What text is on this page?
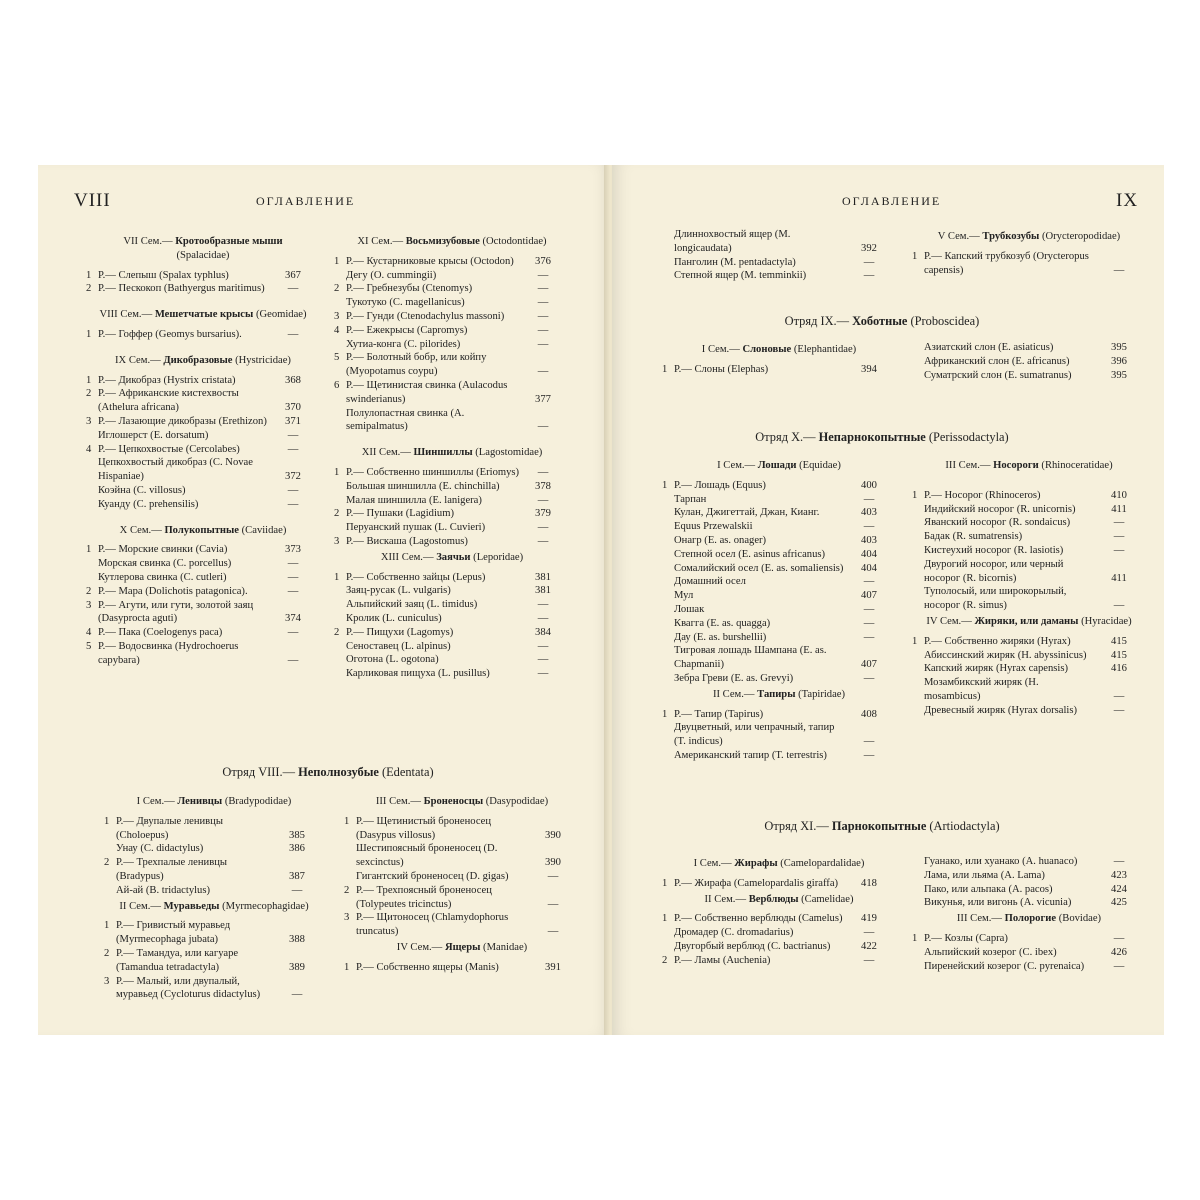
VIII	ОГЛАВЛЕНИЕ
VII Сем.— Кротообразные мыши (Spalacidae)
1 Р.— Слепыш (Spalax typhlus)	367
2 Р.— Пескокоп (Bathyergus maritimus)	—
VIII Сем.— Мешетчатые крысы (Geomidae)
1 Р.— Гоффер (Geomys bursarius).	—
IX Сем.— Дикобразовые (Hystricidae)
1 Р.— Дикобраз (Hystrix cristata)	368
2 Р.— Африканские кистехвосты (Athelura africana)	370
3 Р.— Лазающие дикобразы (Erethizon)	371
Иглошерст (E. dorsatum)	—
4 Р.— Цепкохвостые (Cercolabes)	—
Цепкохвостый дикобраз (C. Novae Hispaniae)	372
Коэйна (C. villosus)	—
Куанду (C. prehensilis)	—
X Сем.— Полукопытные (Caviidae)
1 Р.— Морские свинки (Cavia)	373
Морская свинка (C. porcellus)	—
Кутлерова свинка (C. cutleri)	—
2 Р.— Мара (Dolichotis patagonica).	—
3 Р.— Агути, или гути, золотой заяц (Dasyprocta aguti)	374
4 Р.— Пака (Coelogenys paca)	—
5 Р.— Водосвинка (Hydrochoerus capybara)	—
XI Сем.— Восьмизубовые (Octodontidae)
1 Р.— Кустарниковые крысы (Octodon)	376
Дегу (O. cummingii)	—
2 Р.— Гребнезубы (Ctenomys)	—
Тукотуко (C. magellanicus)	—
3 Р.— Гунди (Ctenodachylus massoni)	—
4 Р.— Ежекрысы (Capromys)	—
Хутиа-конга (C. pilorides)	—
5 Р.— Болотный бобр, или койпу (Myopotamus coypu)	—
6 Р.— Щетинистая свинка (Aulacodus swinderianus)	377
Полулопастная свинка (A. semipalmatus)	—
XII Сем.— Шиншиллы (Lagostomidae)
1 Р.— Собственно шиншиллы (Eriomys)	—
Большая шиншилла (E. chinchilla)	378
Малая шиншилла (E. lanigera)	—
2 Р.— Пушаки (Lagidium)	379
Перуанский пушак (L. Cuvieri)	—
3 Р.— Вискаша (Lagostomus)	—
XIII Сем.— Заячьи (Leporidae)
1 Р.— Собственно зайцы (Lepus)	381
Заяц-русак (L. vulgaris)	381
Альпийский заяц (L. timidus)	—
Кролик (L. cuniculus)	—
2 Р.— Пищухи (Lagomys)	384
Сеноставец (L. alpinus)	—
Оготона (L. ogotona)	—
Карликовая пищуха (L. pusillus)	—
Отряд VIII.— Неполнозубые (Edentata)
I Сем.— Ленивцы (Bradypodidae)
1 Р.— Двупалые ленивцы (Choloepus)	385
Унау (C. didactylus)	386
2 Р.— Трехпалые ленивцы (Bradypus)	387
Ай-ай (B. tridactylus)	—
II Сем.— Муравьеды (Myrmecophagidae)
1 Р.— Гривистый муравьед (Myrmecophaga jubata)	388
2 Р.— Тамандуа, или кагуаре (Tamandua tetradactyla)	389
3 Р.— Малый, или двупалый, муравьед (Cycloturus didactylus)	—
III Сем.— Броненосцы (Dasypodidae)
1 Р.— Щетинистый броненосец (Dasypus villosus)	390
Шестипоясный броненосец (D. sexcinctus)	390
Гигантский броненосец (D. gigas)	—
2 Р.— Трехпоясный броненосец (Tolypeutes tricinctus)	—
3 Р.— Щитоносец (Chlamydophorus truncatus)	—
IV Сем.— Ящеры (Manidae)
1 Р.— Собственно ящеры (Manis)	391
ОГЛАВЛЕНИЕ	IX
Длиннохвостый ящер (M. longicaudata)	392
Панголин (M. pentadactyla)	—
Степной ящер (M. temminkii)	—
V Сем.— Трубкозубы (Orycteropodidae)
1 Р.— Капский трубкозуб (Orycteropus capensis)	—
Отряд IX.— Хоботные (Proboscidea)
I Сем.— Слоновые (Elephantidae)
1 Р.— Слоны (Elephas)	394
Азиатский слон (E. asiaticus)	395
Африканский слон (E. africanus)	396
Суматрский слон (E. sumatranus)	395
Отряд X.— Непарнокопытные (Perissodactyla)
I Сем.— Лошади (Equidae)
1 Р.— Лошадь (Equus)	400
Тарпан	—
Кулан, Джигеттай, Джан, Кианг.	403
Equus Przewalskii	—
Онагр (E. as. onager)	403
Степной осел (E. asinus africanus)	404
Сомалийский осел (E. as. somaliensis)	404
Домашний осел	—
Мул	407
Лошак	—
Квагга (E. as. quagga)	—
Дау (E. as. burshellii)	—
Тигровая лошадь Шампана (E. as. Chapmanii)	407
Зебра Греви (E. as. Grevyi)	—
II Сем.— Тапиры (Tapiridae)
1 Р.— Тапир (Tapirus)	408
Двуцветный, или чепрачный, тапир (T. indicus)	—
Американский тапир (T. terrestris)	—
III Сем.— Носороги (Rhinoceratidae)
1 Р.— Носорог (Rhinoceros)	410
Индийский носорог (R. unicornis)	411
Яванский носорог (R. sondaicus)	—
Бадак (R. sumatrensis)	—
Кистеухий носорог (R. lasiotis)	—
Двурогий носорог, или черный носорог (R. bicornis)	411
Туполосый, или широкорылый, носорог (R. simus)	—
IV Сем.— Жиряки, или даманы (Hyracidae)
1 Р.— Собственно жиряки (Hyrax)	415
Абиссинский жиряк (H. abyssinicus)	415
Капский жиряк (Hyrax capensis)	416
Мозамбикский жиряк (H. mosambicus)	—
Древесный жиряк (Hyrax dorsalis)	—
Отряд XI.— Парнокопытные (Artiodactyla)
I Сем.— Жирафы (Camelopardalidae)
1 Р.— Жирафа (Camelopardalis giraffa)	418
II Сем.— Верблюды (Camelidae)
1 Р.— Собственно верблюды (Camelus)	419
Дромадер (C. dromadarius)	—
Двугорбый верблюд (C. bactrianus)	422
2 Р.— Ламы (Auchenia)	—
Гуанако, или хуанако (A. huanaco)	—
Лама, или льяма (A. Lama)	423
Пако, или альпака (A. pacos)	424
Викунья, или вигонь (A. vicunia)	425
III Сем.— Полорогие (Bovidae)
1 Р.— Козлы (Capra)	—
Альпийский козерог (C. ibex)	426
Пиренейский козерог (C. pyrenaica)	—
